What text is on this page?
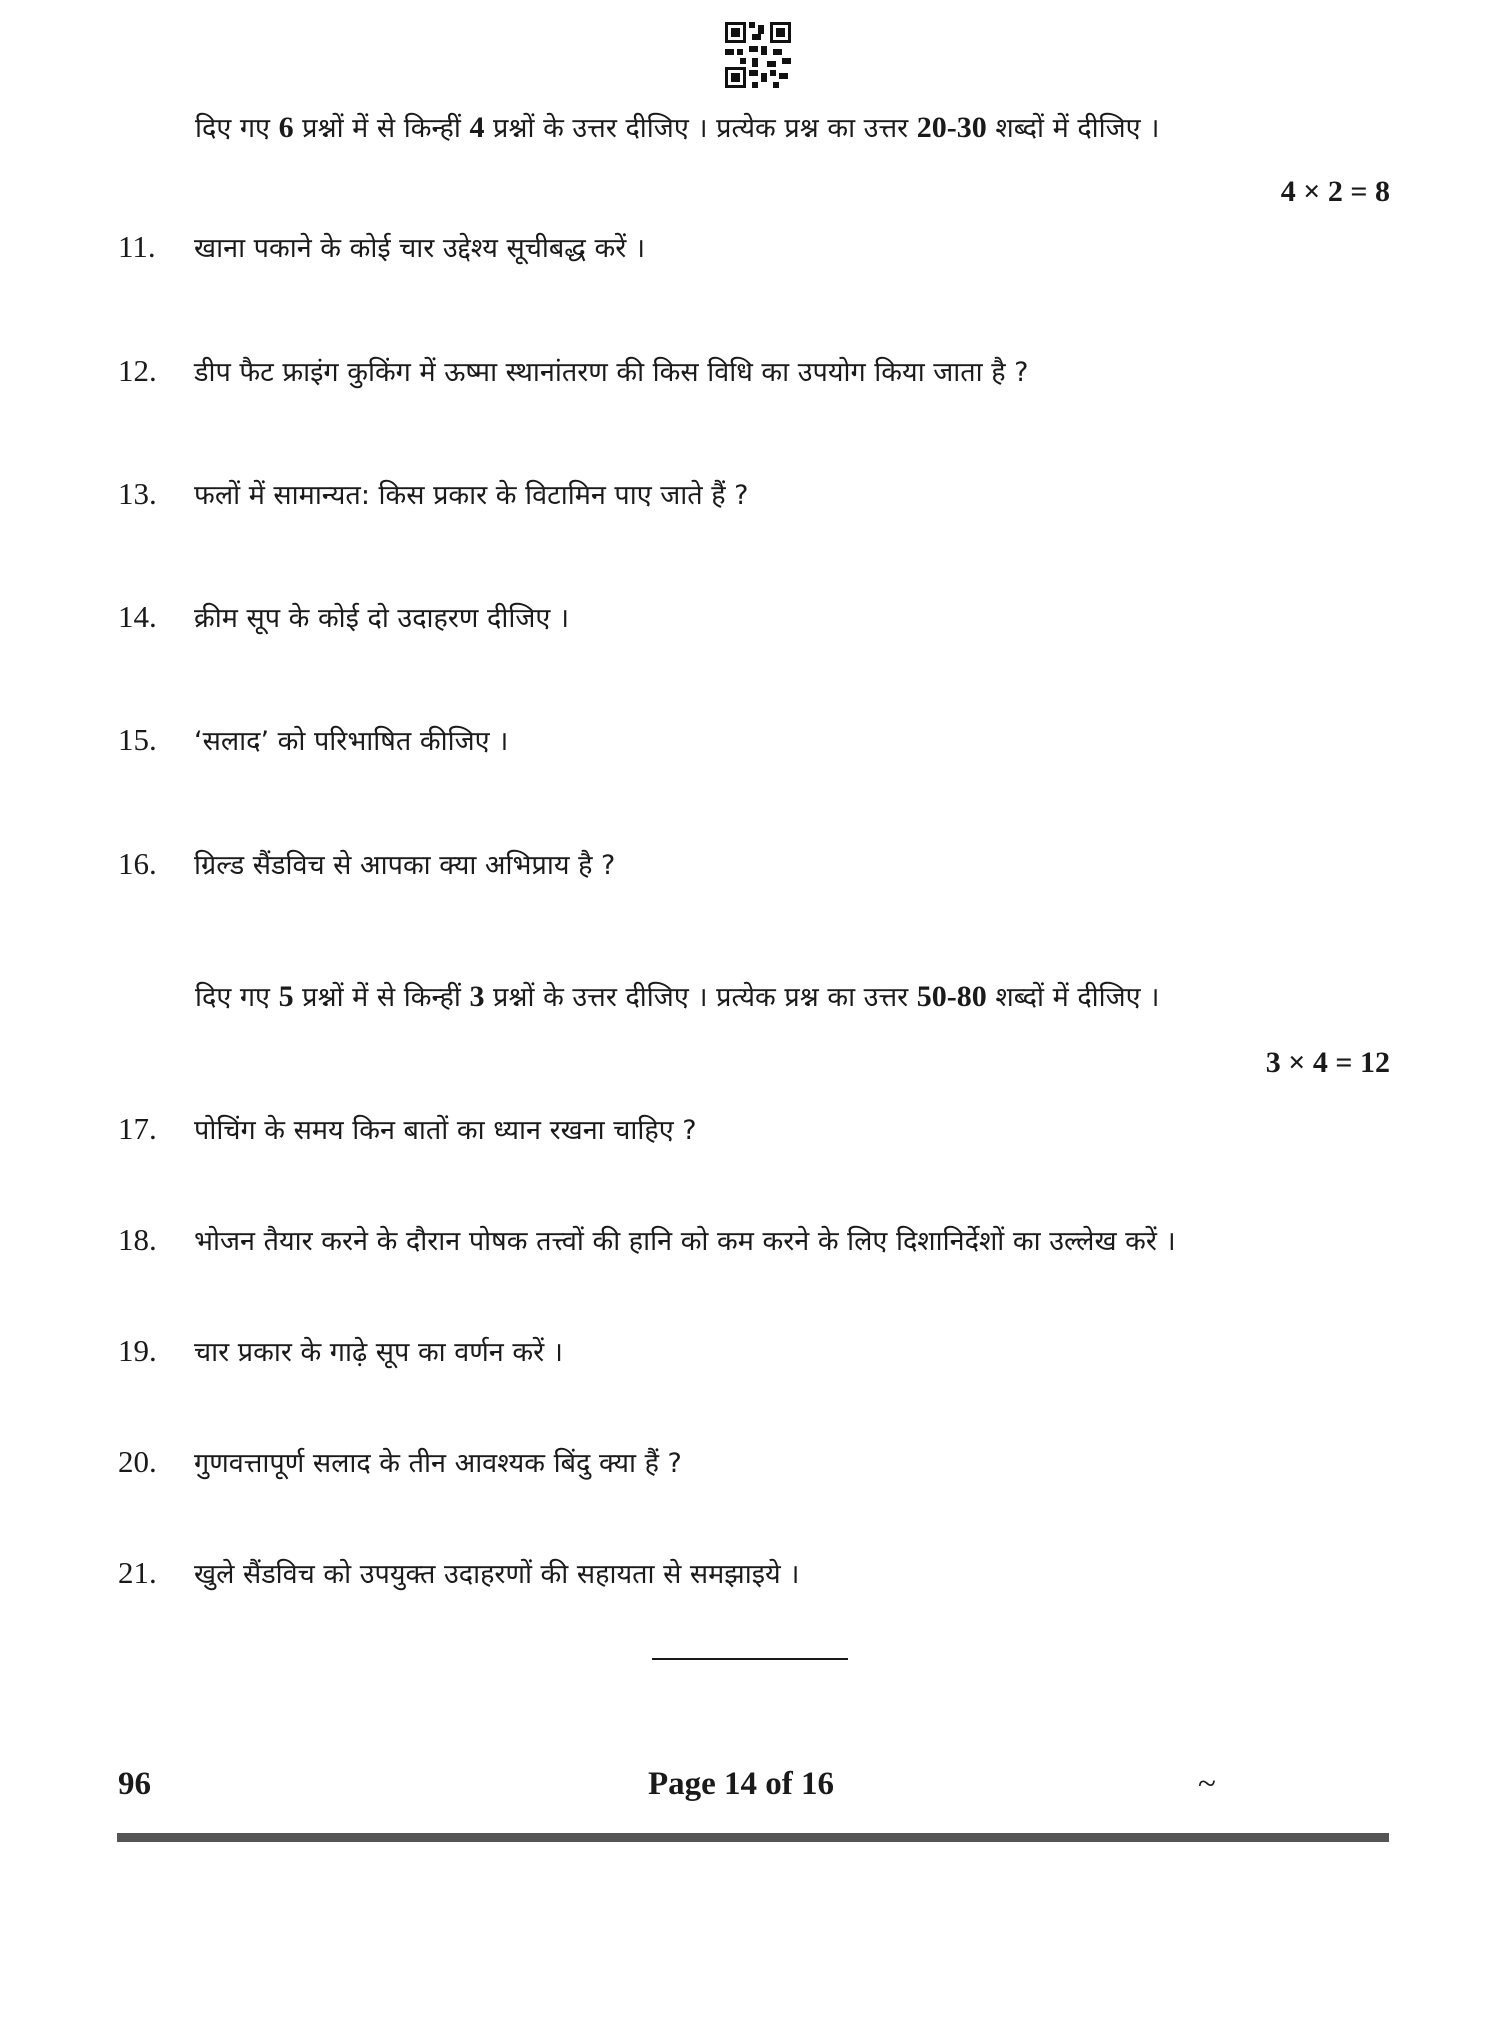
दिए गए 6 प्रश्नों में से किन्हीं 4 प्रश्नों के उत्तर दीजिए । प्रत्येक प्रश्न का उत्तर 20-30 शब्दों में दीजिए ।
4 × 2 = 8
11. खाना पकाने के कोई चार उद्देश्य सूचीबद्ध करें ।
12. डीप फैट फ्राइंग कुकिंग में ऊष्मा स्थानांतरण की किस विधि का उपयोग किया जाता है ?
13. फलों में सामान्यत: किस प्रकार के विटामिन पाए जाते हैं ?
14. क्रीम सूप के कोई दो उदाहरण दीजिए ।
15. ‘सलाद’ को परिभाषित कीजिए ।
16. ग्रिल्ड सैंडविच से आपका क्या अभिप्राय है ?
दिए गए 5 प्रश्नों में से किन्हीं 3 प्रश्नों के उत्तर दीजिए । प्रत्येक प्रश्न का उत्तर 50-80 शब्दों में दीजिए ।
3 × 4 = 12
17. पोचिंग के समय किन बातों का ध्यान रखना चाहिए ?
18. भोजन तैयार करने के दौरान पोषक तत्त्वों की हानि को कम करने के लिए दिशानिर्देशों का उल्लेख करें ।
19. चार प्रकार के गाढ़े सूप का वर्णन करें ।
20. गुणवत्तापूर्ण सलाद के तीन आवश्यक बिंदु क्या हैं ?
21. खुले सैंडविच को उपयुक्त उदाहरणों की सहायता से समझाइये ।
96	Page 14 of 16	~
